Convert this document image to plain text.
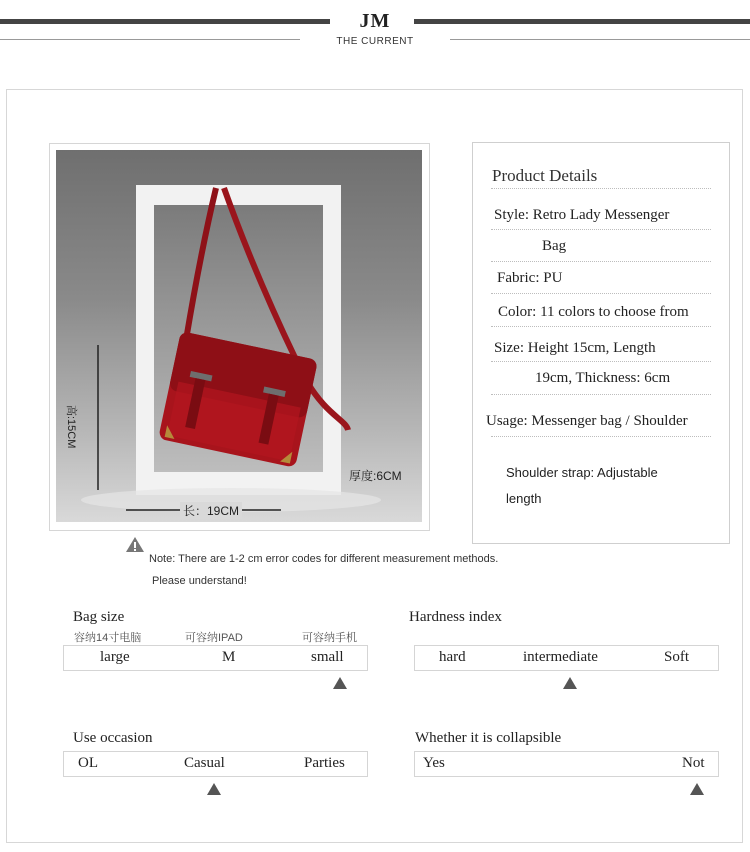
JM
THE CURRENT
高:15CM
长：19CM
厚度:6CM
Product Details
Style: Retro Lady Messenger
Bag
Fabric: PU
Color: 11 colors to choose from
Size: Height 15cm, Length
19cm, Thickness: 6cm
Usage: Messenger bag / Shoulder
Shoulder strap: Adjustable
length
Note: There are 1-2 cm error codes for different measurement methods.
Please understand!
Bag size
容纳14寸电脑	可容纳IPAD	可容纳手机
large	M	small
Hardness index
hard	intermediate	Soft
Use occasion
OL	Casual	Parties
Whether it is collapsible
Yes	Not
